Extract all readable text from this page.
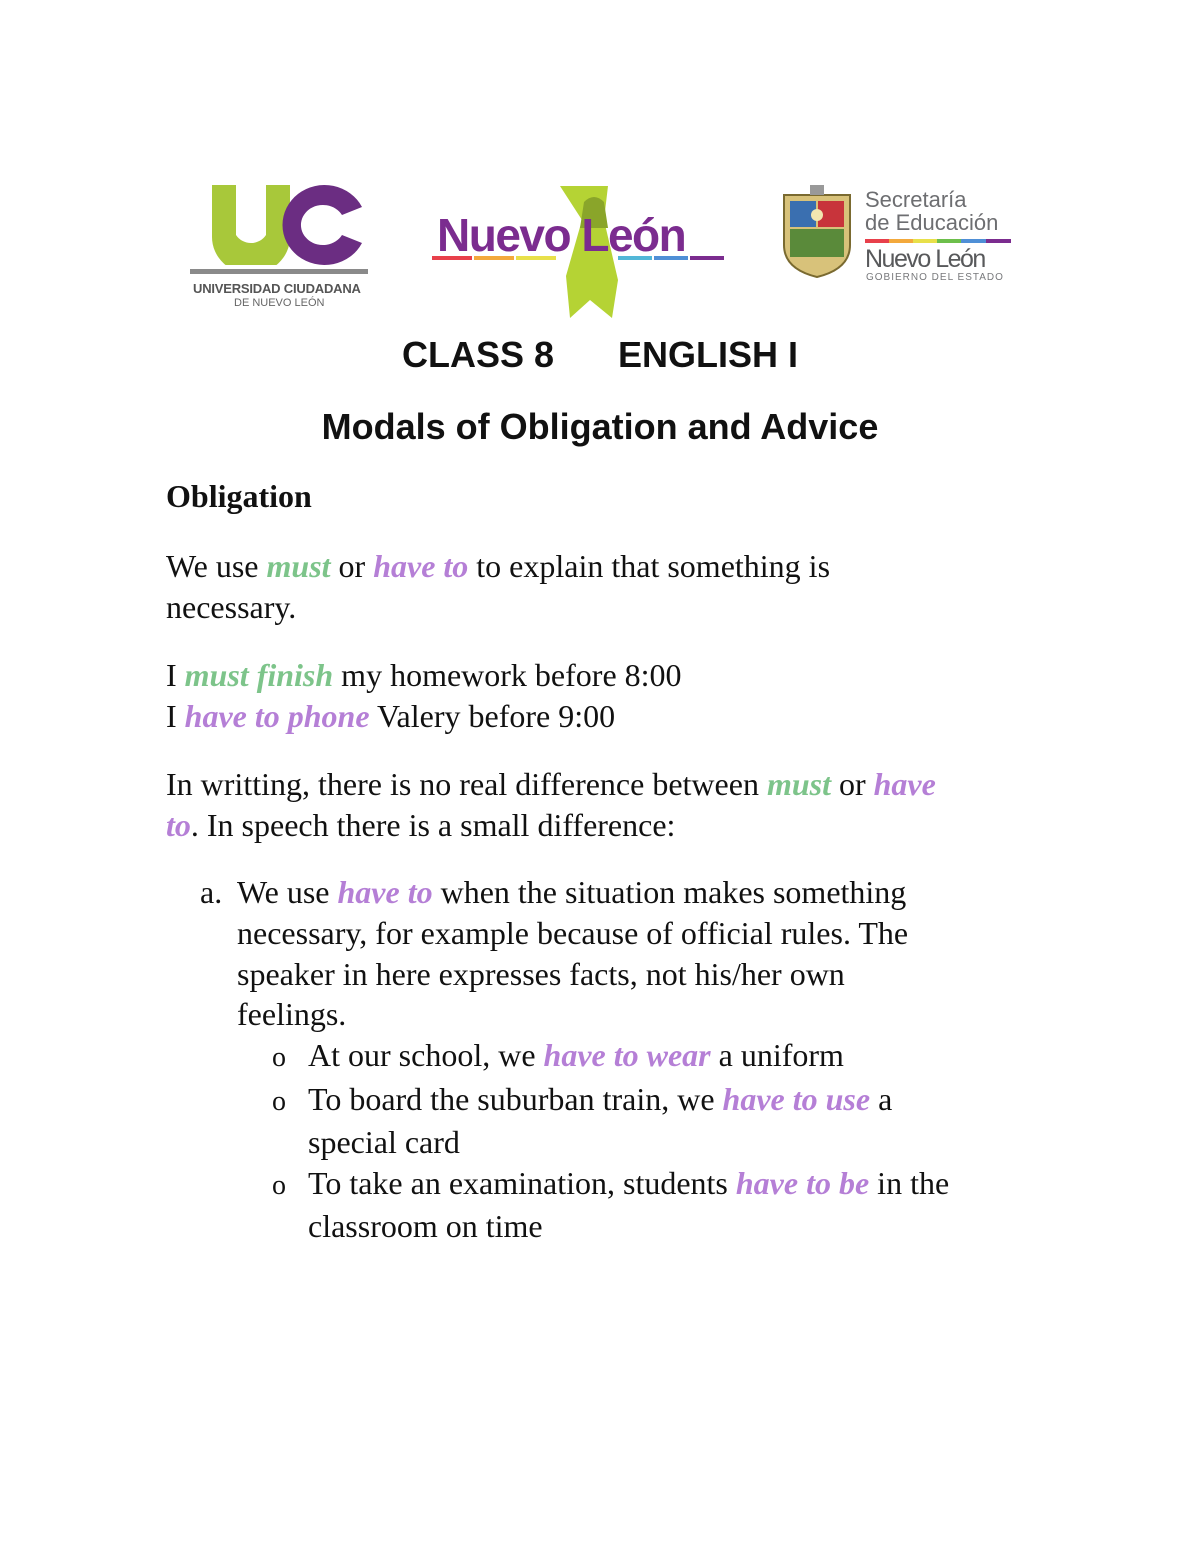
UNIVERSIDAD CIUDADANA
DE NUEVO LEÓN
Nuevo León
Secretaría
de Educación
Nuevo León
GOBIERNO DEL ESTADO
CLASS 8 ENGLISH I
Modals of Obligation and Advice
Obligation
We use must or have to to explain that something is
necessary.
I must finish my homework before 8:00
I have to phone Valery before 9:00
In writting, there is no real difference between must or have
to. In speech there is a small difference:
a. We use have to when the situation makes something
necessary, for example because of official rules. The
speaker in here expresses facts, not his/her own
feelings.
o At our school, we have to wear a uniform
o To board the suburban train, we have to use a
special card
o To take an examination, students have to be in the
classroom on time
